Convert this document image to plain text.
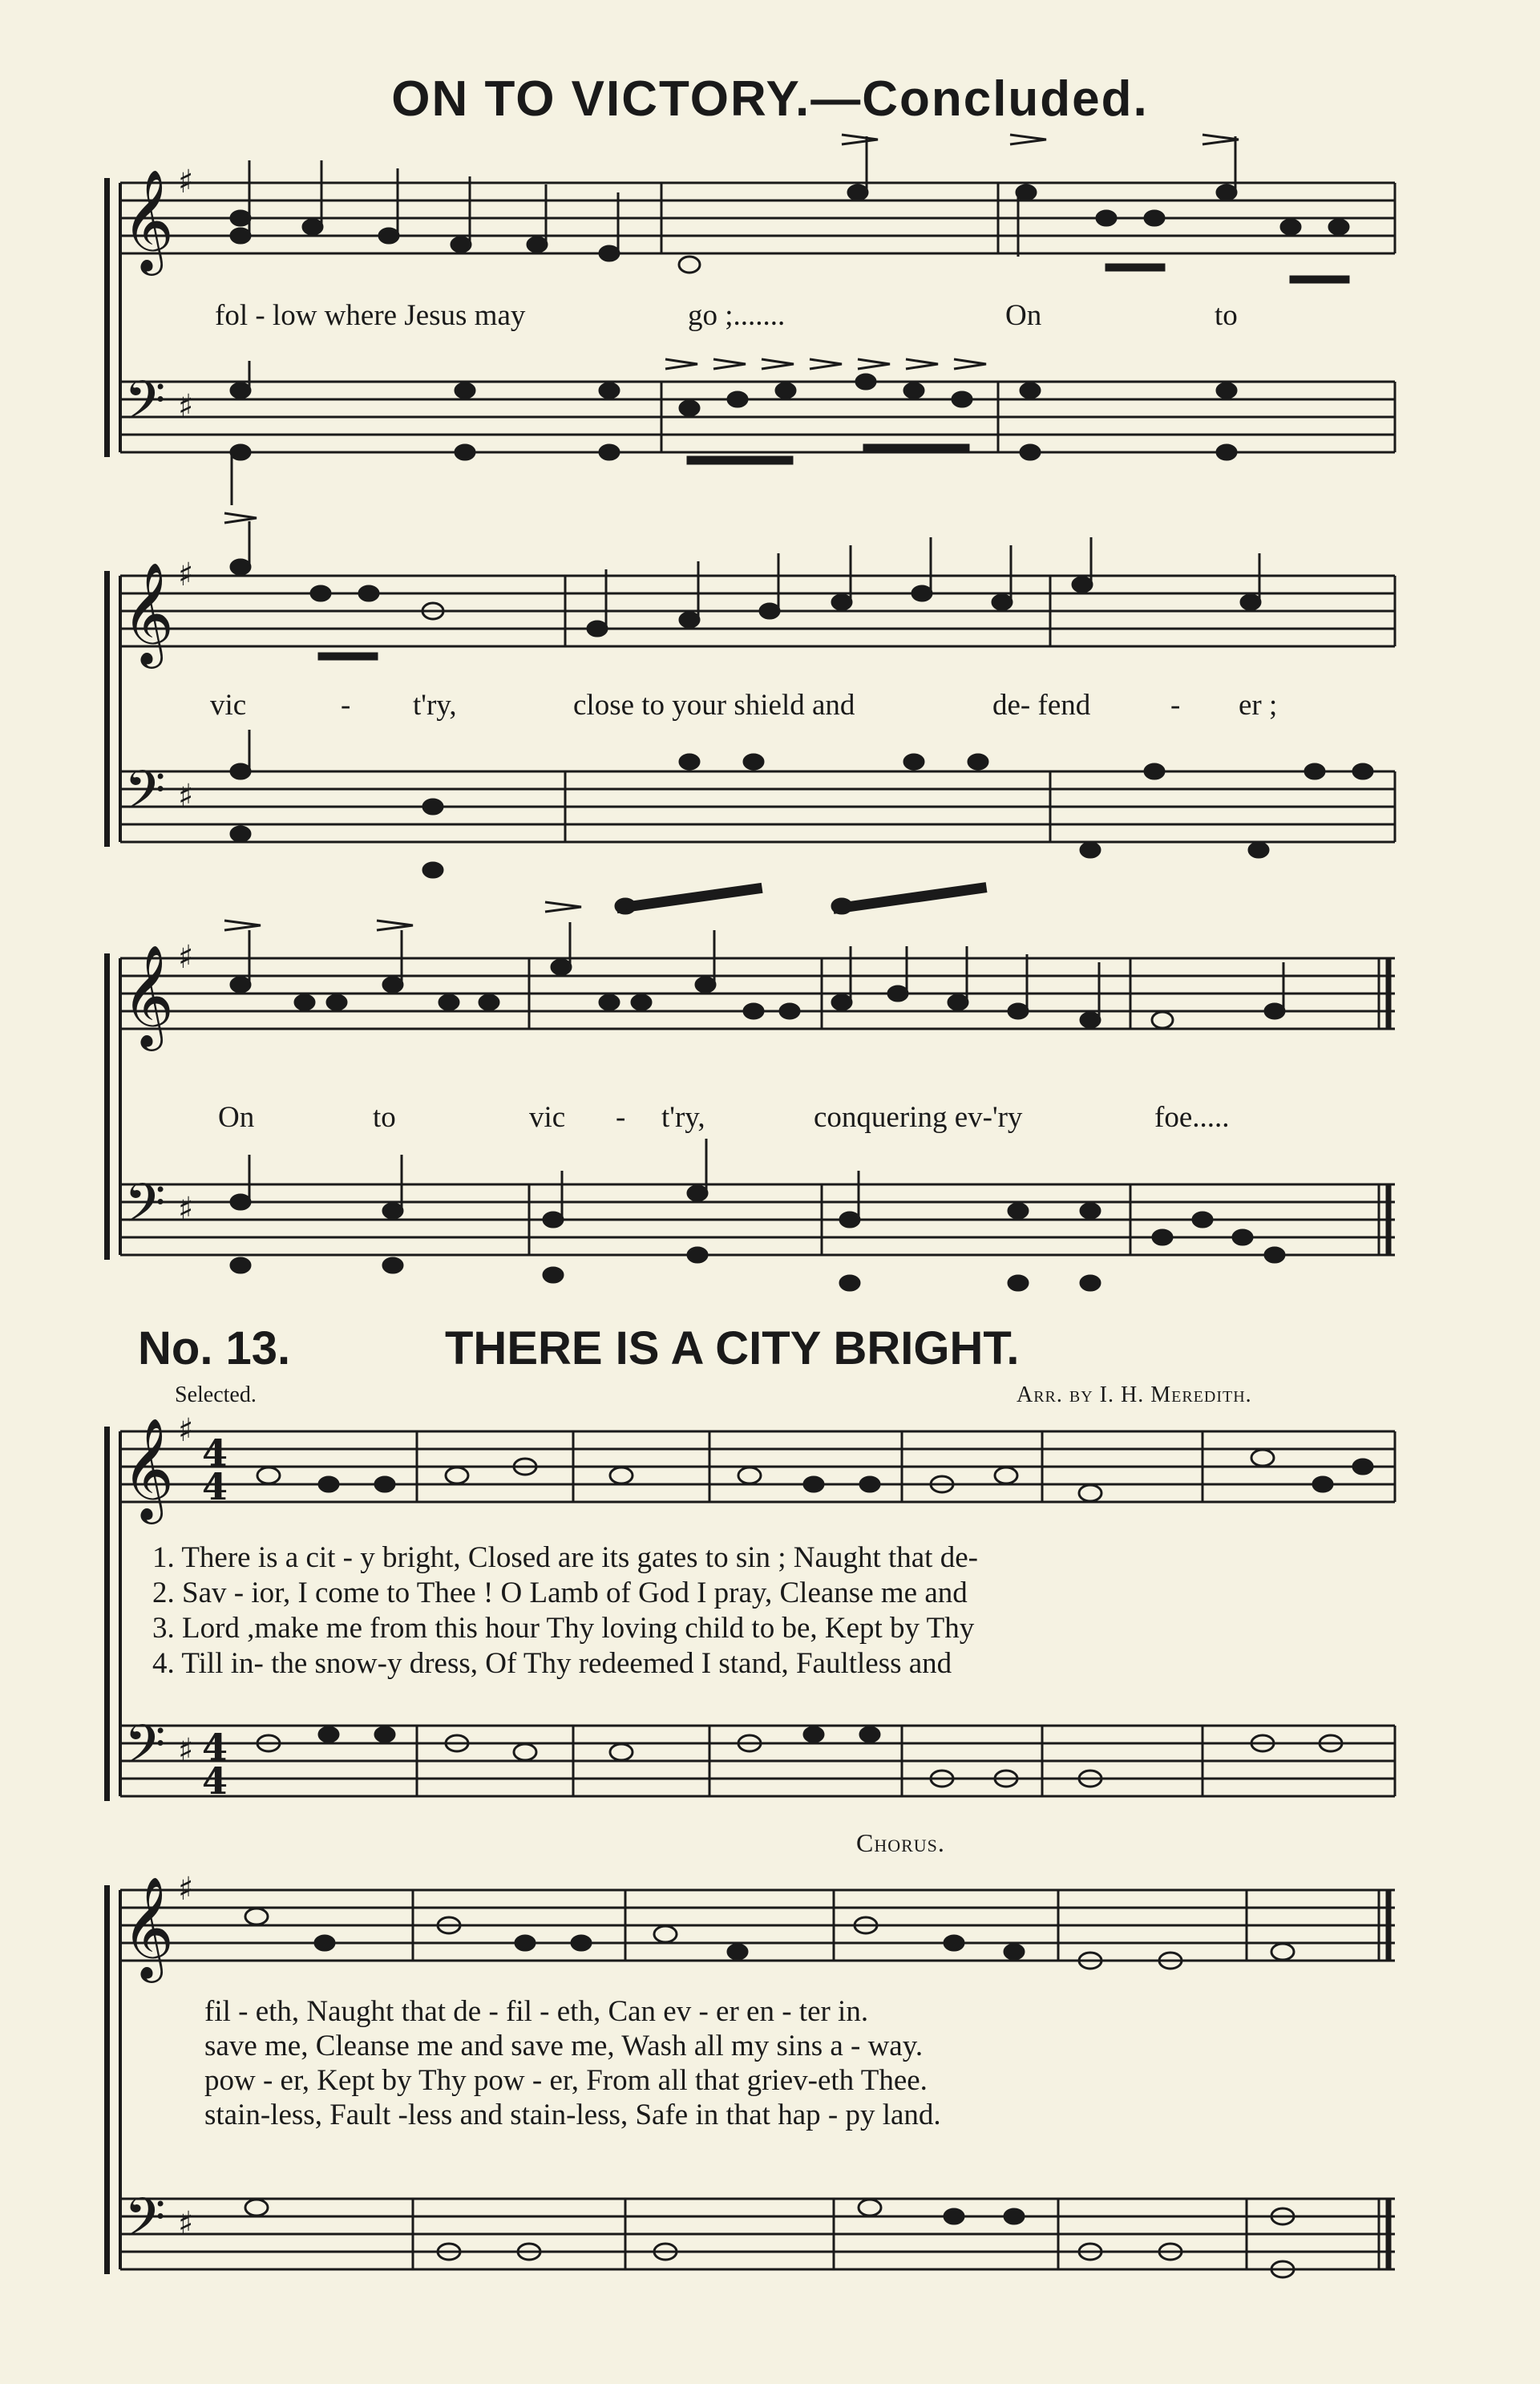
ON TO VICTORY.—Concluded.
𝄞
𝄢
𝄞
𝄢
𝄞
𝄢
𝄞
𝄢
𝄞
𝄢
♯
♯
♯
♯
♯
♯
♯
♯
♯
♯
4
4
4
4
fol - low where Jesus may	go ;.......	On	to
vic	- t'ry,	close to your shield and	de- fend	- er ;
On	to	vic - t'ry,	conquering ev-'ry	foe.....
No. 13.	THERE IS A CITY BRIGHT.
Selected.	Arr. by I. H. Meredith.
1. There is a cit - y bright, Closed are its gates to sin ; Naught that de-
2. Sav - ior, I come to Thee ! O Lamb of God I pray, Cleanse me and
3. Lord ,make me from this hour Thy loving child to be, Kept by Thy
4. Till in- the snow-y dress, Of Thy redeemed I stand, Faultless and
Chorus.
fil - eth, Naught that de - fil - eth, Can ev - er en - ter in.
save me, Cleanse me and save me, Wash all my sins a - way.
pow - er, Kept by Thy pow - er, From all that griev-eth Thee.
stain-less, Fault -less and stain-less, Safe in that hap - py land.
